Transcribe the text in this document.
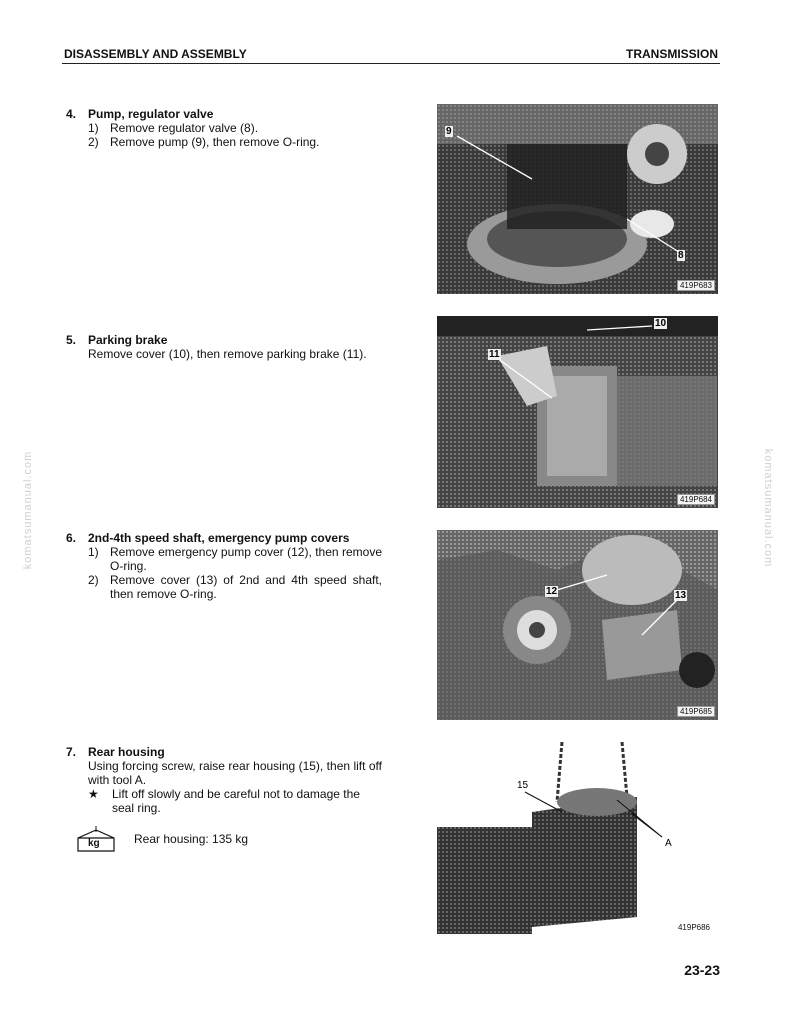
DISASSEMBLY AND ASSEMBLY	TRANSMISSION
komatsumanual.com	komatsumanual.com
4. Pump, regulator valve
1) Remove regulator valve (8).
2) Remove pump (9), then remove O-ring.
5. Parking brake
Remove cover (10), then remove parking brake (11).
6. 2nd-4th speed shaft, emergency pump covers
1) Remove emergency pump cover (12), then remove O-ring.
2) Remove cover (13) of 2nd and 4th speed shaft, then remove O-ring.
7. Rear housing
Using forcing screw, raise rear housing (15), then lift off with tool A.
★	Lift off slowly and be careful not to damage the seal ring.
kg	Rear housing: 135 kg
9
8
419P683
10
11
419P684
12	13
419P685
15
A
419P686
23-23
